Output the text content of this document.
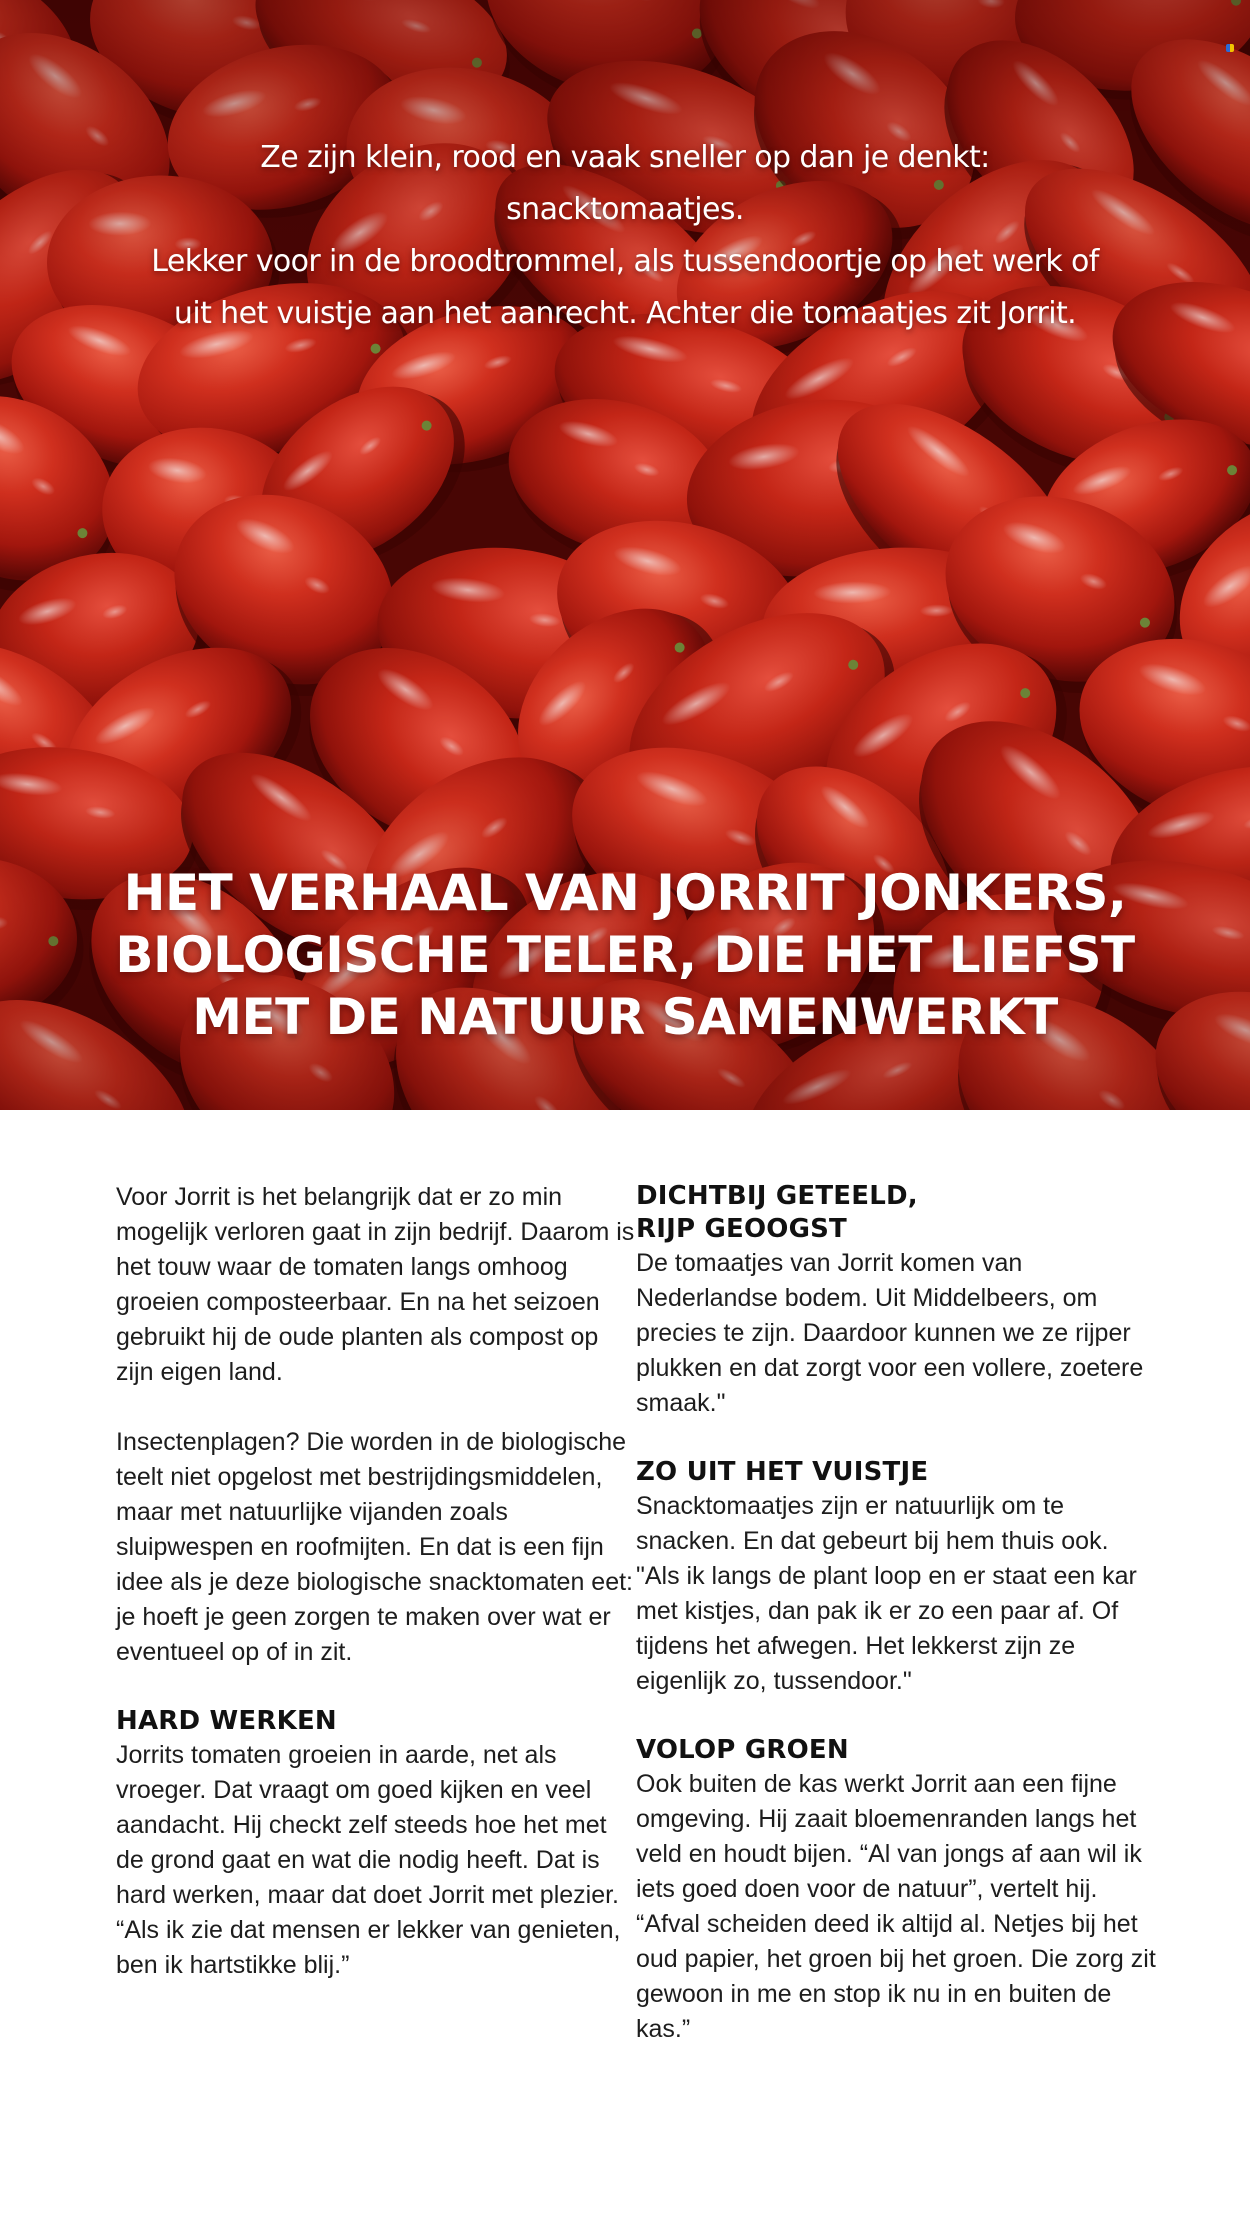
Ze zijn klein, rood en vaak sneller op dan je denkt: snacktomaatjes.
Lekker voor in de broodtrommel, als tussendoortje op het werk of
uit het vuistje aan het aanrecht. Achter die tomaatjes zit Jorrit.
HET VERHAAL VAN JORRIT JONKERS,
BIOLOGISCHE TELER, DIE HET LIEFST
MET DE NATUUR SAMENWERKT

Voor Jorrit is het belangrijk dat er zo min mogelijk verloren gaat in zijn bedrijf. Daarom is het touw waar de tomaten langs omhoog groeien composteerbaar. En na het seizoen gebruikt hij de oude planten als compost op zijn eigen land.

Insectenplagen? Die worden in de biologische teelt niet opgelost met bestrijdingsmiddelen, maar met natuurlijke vijanden zoals sluipwespen en roofmijten. En dat is een fijn idee als je deze biologische snacktomaten eet: je hoeft je geen zorgen te maken over wat er eventueel op of in zit.

HARD WERKEN

Jorrits tomaten groeien in aarde, net als vroeger. Dat vraagt om goed kijken en veel aandacht. Hij checkt zelf steeds hoe het met de grond gaat en wat die nodig heeft. Dat is hard werken, maar dat doet Jorrit met plezier. “Als ik zie dat mensen er lekker van genieten, ben ik hartstikke blij.”

DICHTBIJ GETEELD,
RIJP GEOOGST

De tomaatjes van Jorrit komen van Nederlandse bodem. Uit Middelbeers, om precies te zijn. Daardoor kunnen we ze rijper plukken en dat zorgt voor een vollere, zoetere smaak."

ZO UIT HET VUISTJE

Snacktomaatjes zijn er natuurlijk om te snacken. En dat gebeurt bij hem thuis ook. "Als ik langs de plant loop en er staat een kar met kistjes, dan pak ik er zo een paar af. Of tijdens het afwegen. Het lekkerst zijn ze eigenlijk zo, tussendoor."

VOLOP GROEN

Ook buiten de kas werkt Jorrit aan een fijne omgeving. Hij zaait bloemenranden langs het veld en houdt bijen. “Al van jongs af aan wil ik iets goed doen voor de natuur”, vertelt hij. “Afval scheiden deed ik altijd al. Netjes bij het oud papier, het groen bij het groen. Die zorg zit gewoon in me en stop ik nu in en buiten de kas.”
